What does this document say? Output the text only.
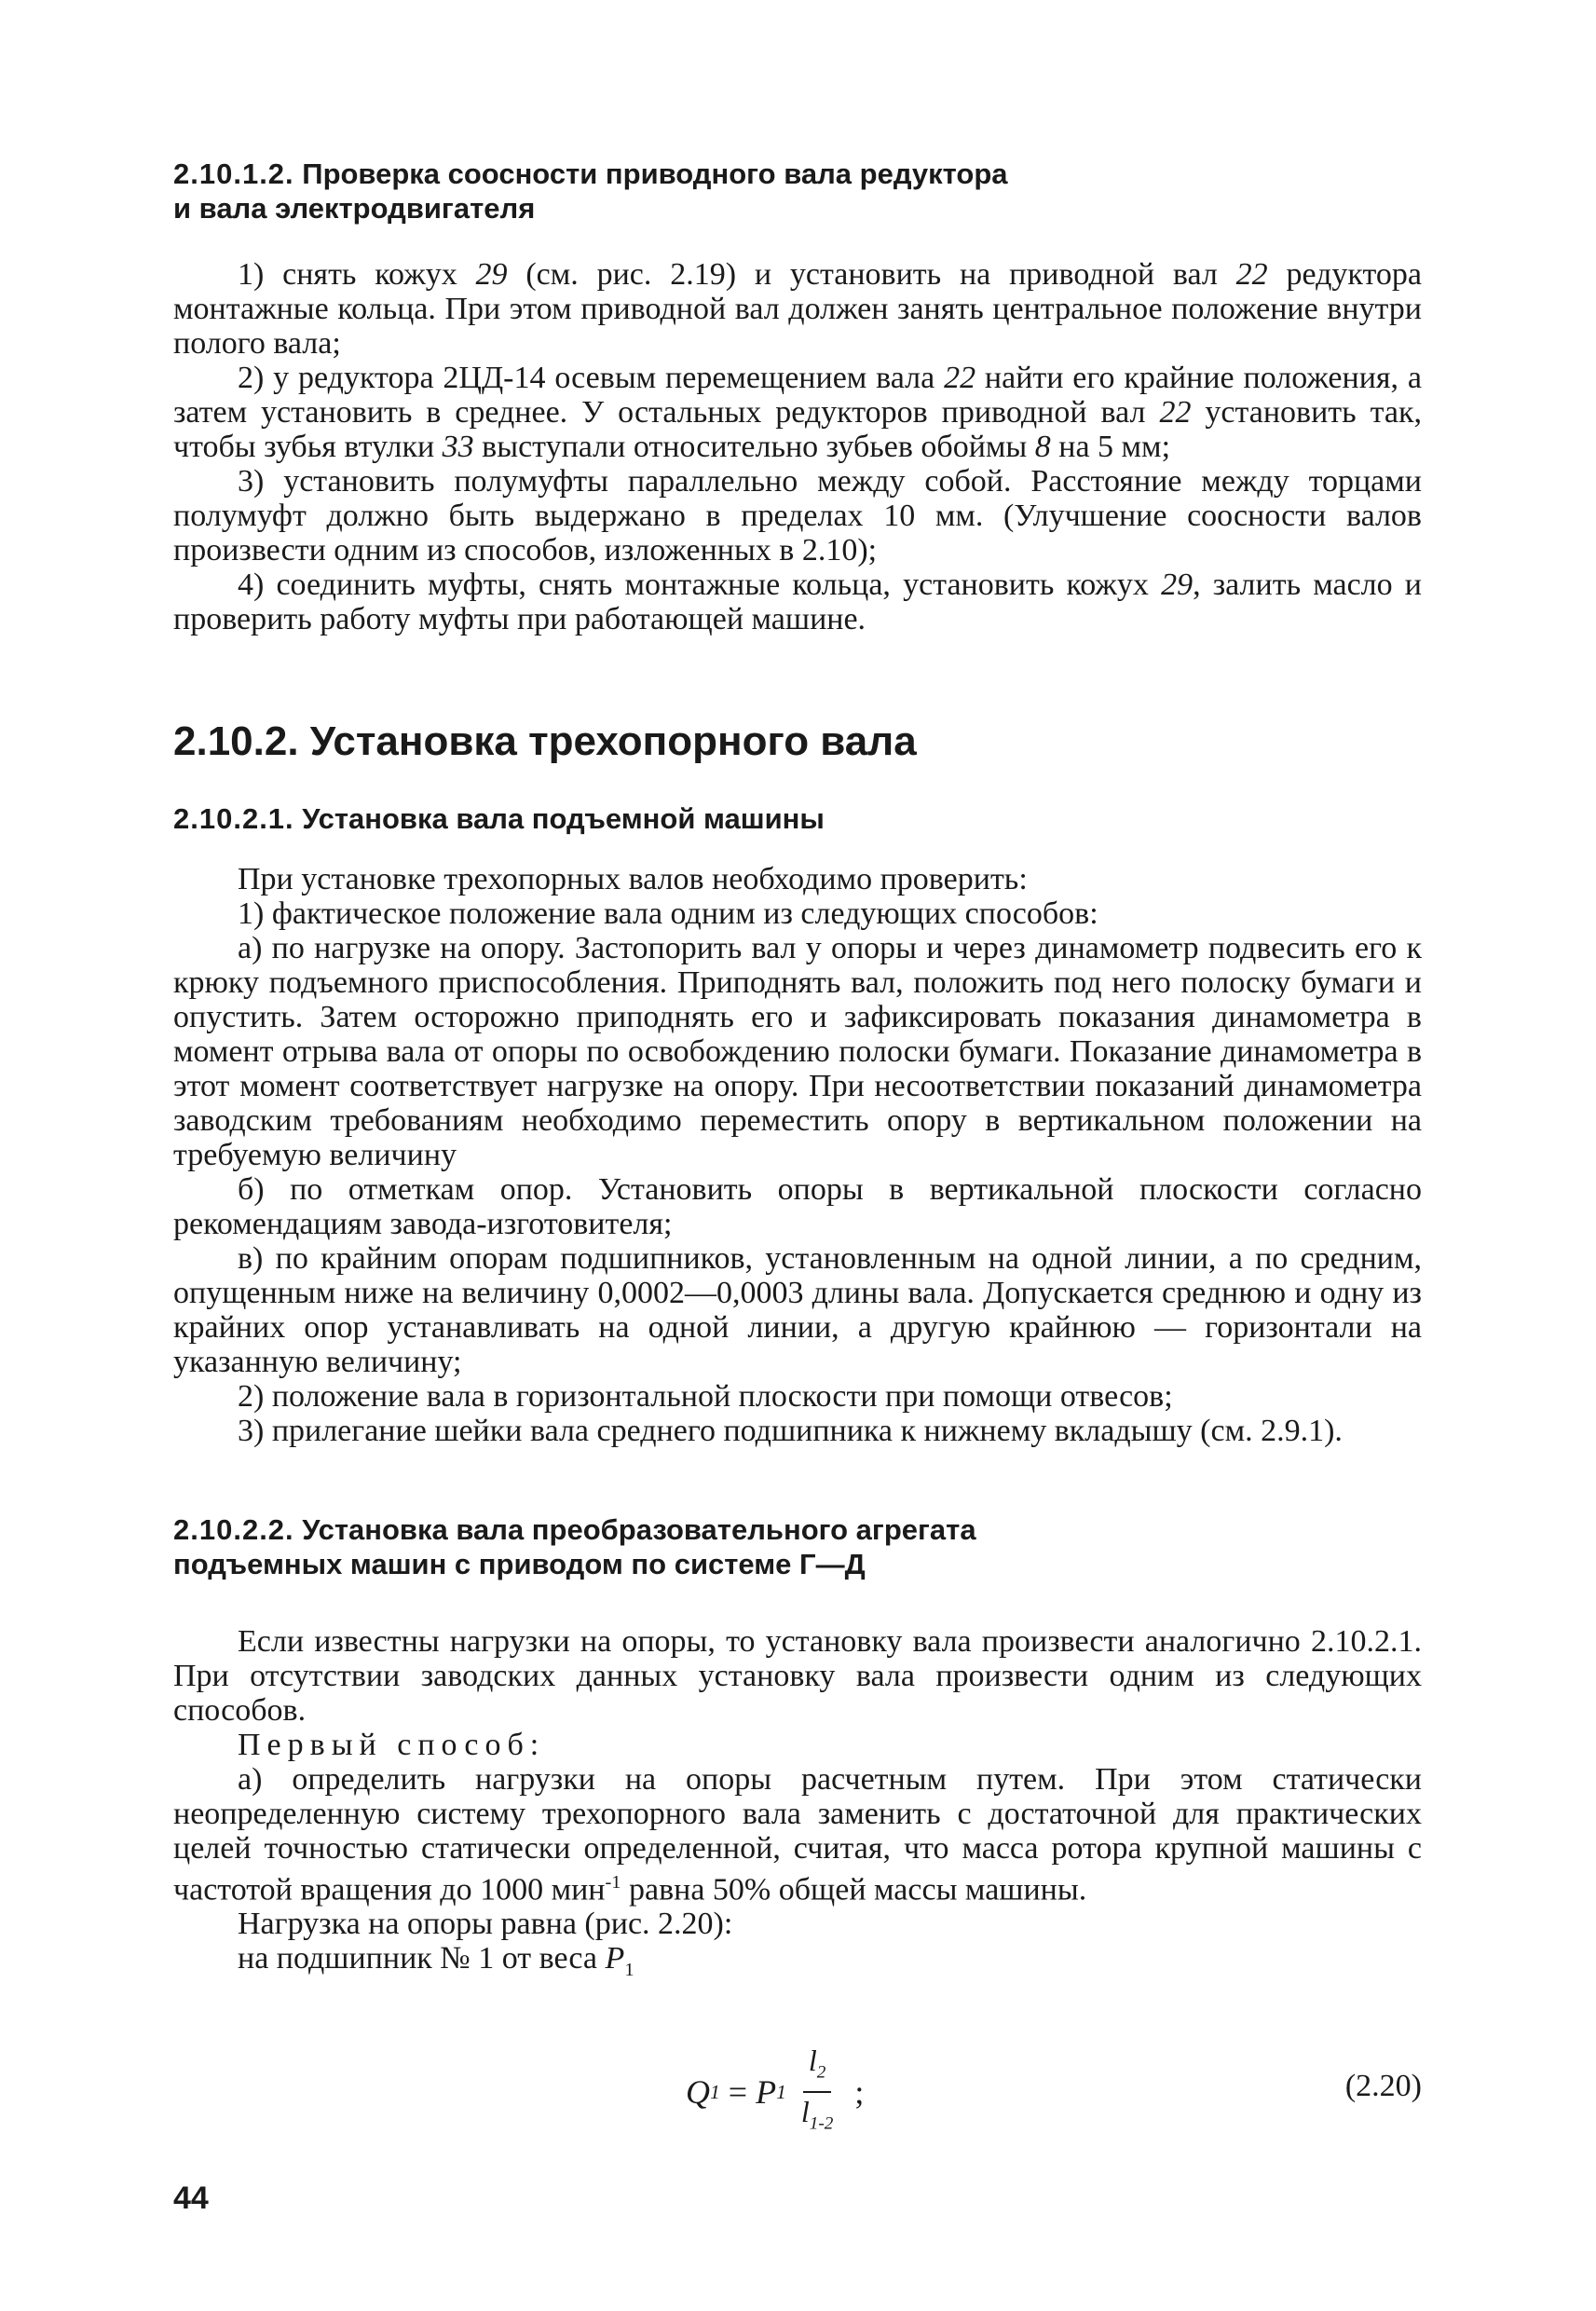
2.10.1.2. Проверка соосности приводного вала редуктора

и вала электродвигателя

1) снять кожух 29 (см. рис. 2.19) и установить на приводной вал 22 редуктора монтажные кольца. При этом приводной вал должен занять центральное положение внутри полого вала;

2) у редуктора 2ЦД-14 осевым перемещением вала 22 найти его крайние положения, а затем установить в среднее. У остальных редукторов приводной вал 22 установить так, чтобы зубья втулки 33 выступали относительно зубьев обоймы 8 на 5 мм;

3) установить полумуфты параллельно между собой. Расстояние между торцами полумуфт должно быть выдержано в пределах 10 мм. (Улучшение соосности валов произвести одним из способов, изложенных в 2.10);

4) соединить муфты, снять монтажные кольца, установить кожух 29, залить масло и проверить работу муфты при работающей машине.

2.10.2. Установка трехопорного вала

2.10.2.1. Установка вала подъемной машины

При установке трехопорных валов необходимо проверить:

1) фактическое положение вала одним из следующих способов:

а) по нагрузке на опору. Застопорить вал у опоры и через динамометр подвесить его к крюку подъемного приспособления. Приподнять вал, положить под него полоску бумаги и опустить. Затем осторожно приподнять его и зафиксировать показания динамометра в момент отрыва вала от опоры по освобождению полоски бумаги. Показание динамометра в этот момент соответствует нагрузке на опору. При несоответствии показаний динамометра заводским требованиям необходимо переместить опору в вертикальном положении на требуемую величину

б) по отметкам опор. Установить опоры в вертикальной плоскости согласно рекомендациям завода-изготовителя;

в) по крайним опорам подшипников, установленным на одной линии, а по средним, опущенным ниже на величину 0,0002—0,0003 длины вала. Допускается среднюю и одну из крайних опор устанавливать на одной линии, а другую крайнюю — горизонтали на указанную величину;

2) положение вала в горизонтальной плоскости при помощи отвесов;

3) прилегание шейки вала среднего подшипника к нижнему вкладышу (см. 2.9.1).

2.10.2.2. Установка вала преобразовательного агрегата

подъемных машин с приводом по системе Г—Д

Если известны нагрузки на опоры, то установку вала произвести аналогично 2.10.2.1. При отсутствии заводских данных установку вала произвести одним из следующих способов.

Первый способ:

а) определить нагрузки на опоры расчетным путем. При этом статически неопределенную систему трехопорного вала заменить с достаточной для практических целей точностью статически определенной, считая, что масса ротора крупной машины с частотой вращения до 1000 мин$^{-1}$ равна 50% общей массы машины.

Нагрузка на опоры равна (рис. 2.20):

на подшипник № 1 от веса $P_1$

Q 1 = P $1 \frac{l_2}{l_{1-2}}$ ;	(2.20)
44
